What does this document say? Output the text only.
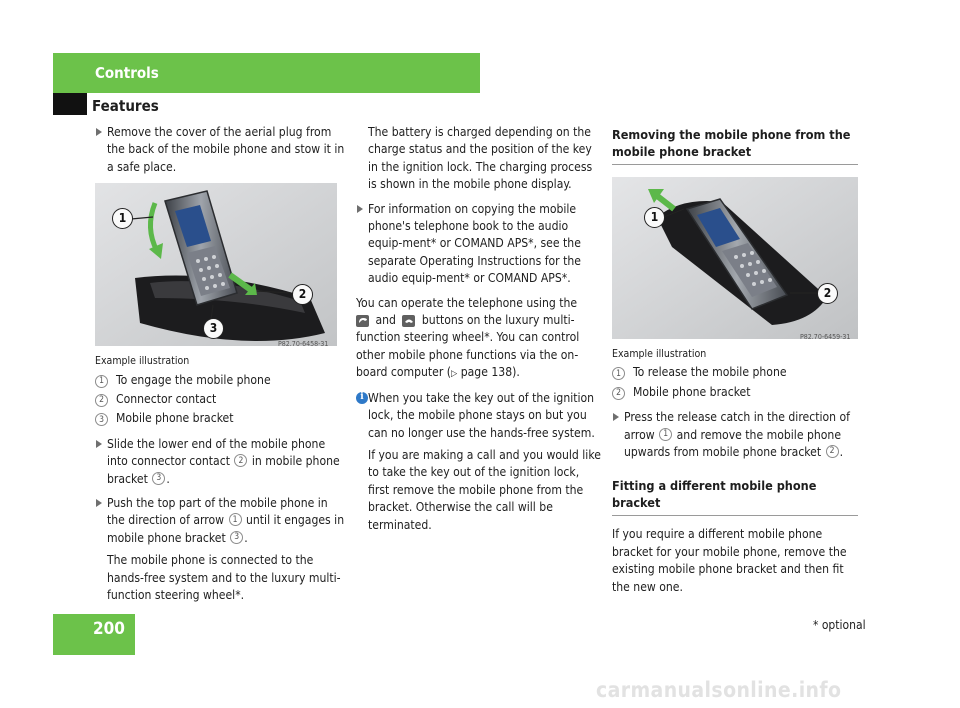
Controls
Features

Remove the cover of the aerial plug from the back of the mobile phone and stow it in a safe place.

1
2
3
P82.70-6458-31

Example illustration

1 To engage the mobile phone

2 Connector contact

3 Mobile phone bracket

Slide the lower end of the mobile phone into connector contact 2 in mobile phone bracket 3 .

Push the top part of the mobile phone in the direction of arrow 1 until it engages in mobile phone bracket 3 .

The mobile phone is connected to the hands-free system and to the luxury multi-function steering wheel*.

The battery is charged depending on the charge status and the position of the key in the ignition lock. The charging process is shown in the mobile phone display.

For information on copying the mobile phone's telephone book to the audio equip-ment* or COMAND APS*, see the separate Operating Instructions for the audio equip-ment* or COMAND APS*.

You can operate the telephone using the

and buttons on the luxury multi-function steering wheel*. You can control other mobile phone functions via the on-board computer (▷ page 138).

i When you take the key out of the ignition lock, the mobile phone stays on but you can no longer use the hands-free system.

If you are making a call and you would like to take the key out of the ignition lock, first remove the mobile phone from the bracket. Otherwise the call will be terminated.

Removing the mobile phone from the mobile phone bracket

1
2
P82.70-6459-31

Example illustration

1 To release the mobile phone

2 Mobile phone bracket

Press the release catch in the direction of arrow 1 and remove the mobile phone upwards from mobile phone bracket 2 .

Fitting a different mobile phone bracket

If you require a different mobile phone bracket for your mobile phone, remove the existing mobile phone bracket and then fit the new one.

200	* optional
carmanualsonline.info
